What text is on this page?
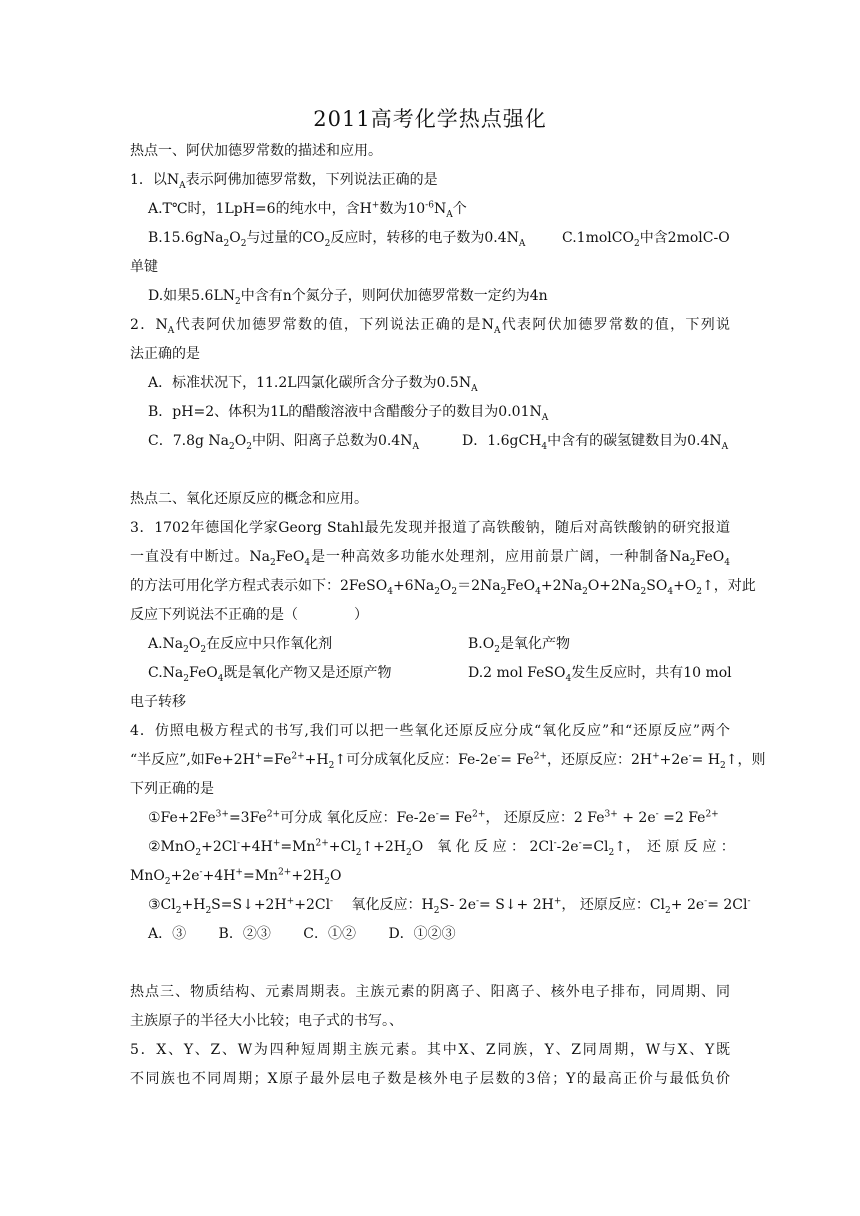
2011高考化学热点强化
热点一、阿伏加德罗常数的描述和应用。
1．以$N_A$表示阿佛加德罗常数，下列说法正确的是
A.T℃时，1LpH=6的纯水中，含H+数为$10^{-6}N_A$个
$B.15.6gNa_2O_2$与过量的$CO_2$反应时，转移的电子数为$0.4N_A$	C.1molCO$_2$中含2molC-O
单键
D.如果$5.6LN_2$中含有n个氮分子，则阿伏加德罗常数一定约为4n
2．$N_A$代表阿伏加德罗常数的值，下列说法正确的是$N_A$代表阿伏加德罗常数的值，下列说
法正确的是
A．标准状况下，11.2L四氯化碳所含分子数为$0.5N_A$
B．pH=2、体积为1L的醋酸溶液中含醋酸分子的数目为$0.01N_A$
C．7.8g $Na_2O_2$中阴、阳离子总数为$0.4N_A$	D．1.6gCH$_4$中含有的碳氢键数目为$0.4N_A$
热点二、氧化还原反应的概念和应用。
3．1702年德国化学家Georg Stahl最先发现并报道了高铁酸钠，随后对高铁酸钠的研究报道
一直没有中断过。$Na_2FeO_4$是一种高效多功能水处理剂，应用前景广阔，一种制备$Na_2FeO_4$
的方法可用化学方程式表示如下：$2FeSO_4+6Na_2O_2=2Na_2FeO_4+2Na_2O+2Na_2SO_4+O_2↑$，对此
反应下列说法不正确的是（　　　　）
$A.Na_2O_2$在反应中只作氧化剂	$B.O_2$是氧化产物
$C.Na_2FeO_4$既是氧化产物又是还原产物	D.2 mol FeSO$_4$发生反应时，共有10 mol
电子转移
4．仿照电极方程式的书写,我们可以把一些氧化还原反应分成“氧化反应”和“还原反应”两个
“半反应”,如$Fe+2H^+=Fe^{2+}+H_2↑$可分成氧化反应：$Fe-2e^-= Fe^{2+}$，还原反应：$2H^++2e^-= H_2↑$，则
下列正确的是
$①Fe+2Fe^{3+}=3Fe^{2+}$可分成 氧化反应：$Fe-2e^-= Fe^{2+}$， 还原反应：2 $Fe^{3+} + 2e^- =2$ $Fe^{2+}$
$②MnO_2+2Cl^-+4H^+=Mn^{2+}+Cl_2↑+2H_2O$　氧 化 反 应 ： $2Cl^--2e^-=Cl_2↑$，　还 原 反 应 ：
$MnO_2+2e^-+4H^+=Mn^{2+}+2H_2O$
$③Cl_2+H_2S=S↓+2H^++2Cl^-$　 氧化反应：$H_2S-$ 2e-= S↓+ 2H+， 还原反应：$Cl_2+ 2e^-= 2Cl^-$
A．③　　 B．②③　　 C．①②　　 D．①②③
热点三、物质结构、元素周期表。主族元素的阴离子、阳离子、核外电子排布，同周期、同
主族原子的半径大小比较；电子式的书写。、
5．X、Y、Z、W为四种短周期主族元素。其中X、Z同族，Y、Z同周期，W与X、Y既
不同族也不同周期；X原子最外层电子数是核外电子层数的3倍；Y的最高正价与最低负价
